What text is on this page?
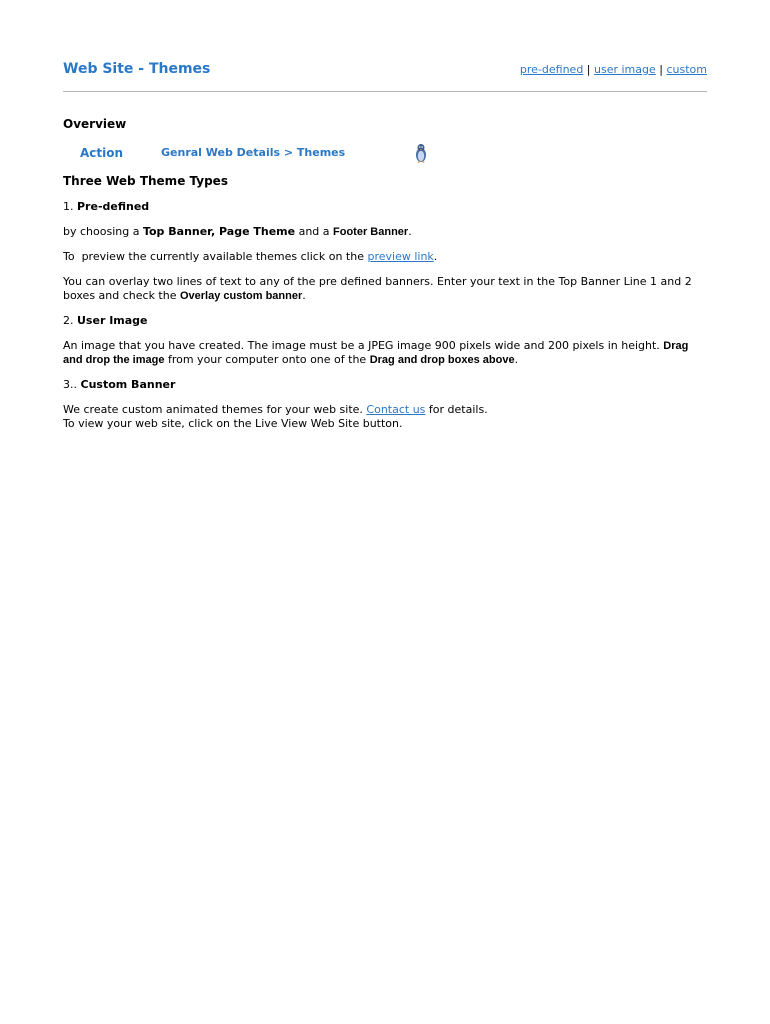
Web Site - Themes	pre-defined | user image | custom
Overview
Action	Genral Web Details > Themes

Three Web Theme Types

1. Pre-defined

by choosing a Top Banner, Page Theme and a Footer Banner.

To  preview the currently available themes click on the preview link.

You can overlay two lines of text to any of the pre defined banners. Enter your text in the Top Banner Line 1 and 2 boxes and check the Overlay custom banner.

2. User Image

An image that you have created. The image must be a JPEG image 900 pixels wide and 200 pixels in height. Drag and drop the image from your computer onto one of the Drag and drop boxes above.

3.. Custom Banner

We create custom animated themes for your web site. Contact us for details.
To view your web site, click on the Live View Web Site button.
